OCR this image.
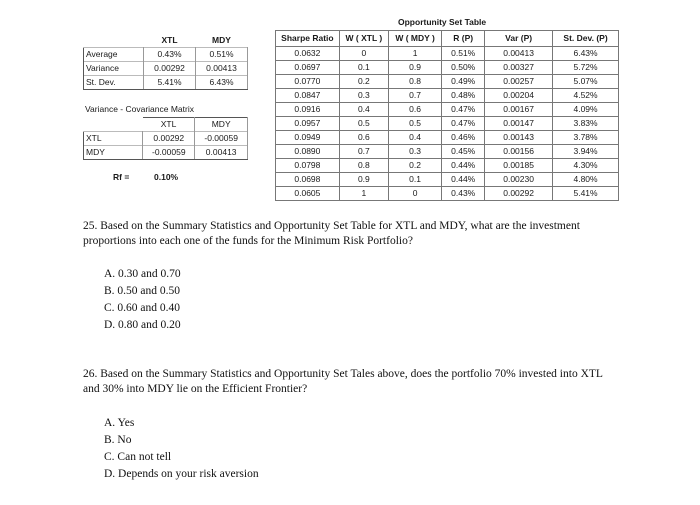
	XTL	MDY
Average	0.43%	0.51%
Variance	0.00292	0.00413
St. Dev.	5.41%	6.43%
Variance - Covariance Matrix
	XTL	MDY
XTL	0.00292	-0.00059
MDY	-0.00059	0.00413
Rf =	0.10%
Opportunity Set Table
Sharpe Ratio	W ( XTL )	W ( MDY )	R (P)	Var (P)	St. Dev. (P)
0.0632	0	1	0.51%	0.00413	6.43%
0.0697	0.1	0.9	0.50%	0.00327	5.72%
0.0770	0.2	0.8	0.49%	0.00257	5.07%
0.0847	0.3	0.7	0.48%	0.00204	4.52%
0.0916	0.4	0.6	0.47%	0.00167	4.09%
0.0957	0.5	0.5	0.47%	0.00147	3.83%
0.0949	0.6	0.4	0.46%	0.00143	3.78%
0.0890	0.7	0.3	0.45%	0.00156	3.94%
0.0798	0.8	0.2	0.44%	0.00185	4.30%
0.0698	0.9	0.1	0.44%	0.00230	4.80%
0.0605	1	0	0.43%	0.00292	5.41%
25. Based on the Summary Statistics and Opportunity Set Table for XTL and MDY, what are the investment proportions into each one of the funds for the Minimum Risk Portfolio?
A. 0.30 and 0.70
B. 0.50 and 0.50
C. 0.60 and 0.40
D. 0.80 and 0.20
26. Based on the Summary Statistics and Opportunity Set Tales above, does the portfolio 70% invested into XTL and 30% into MDY lie on the Efficient Frontier?
A. Yes
B. No
C. Can not tell
D. Depends on your risk aversion
